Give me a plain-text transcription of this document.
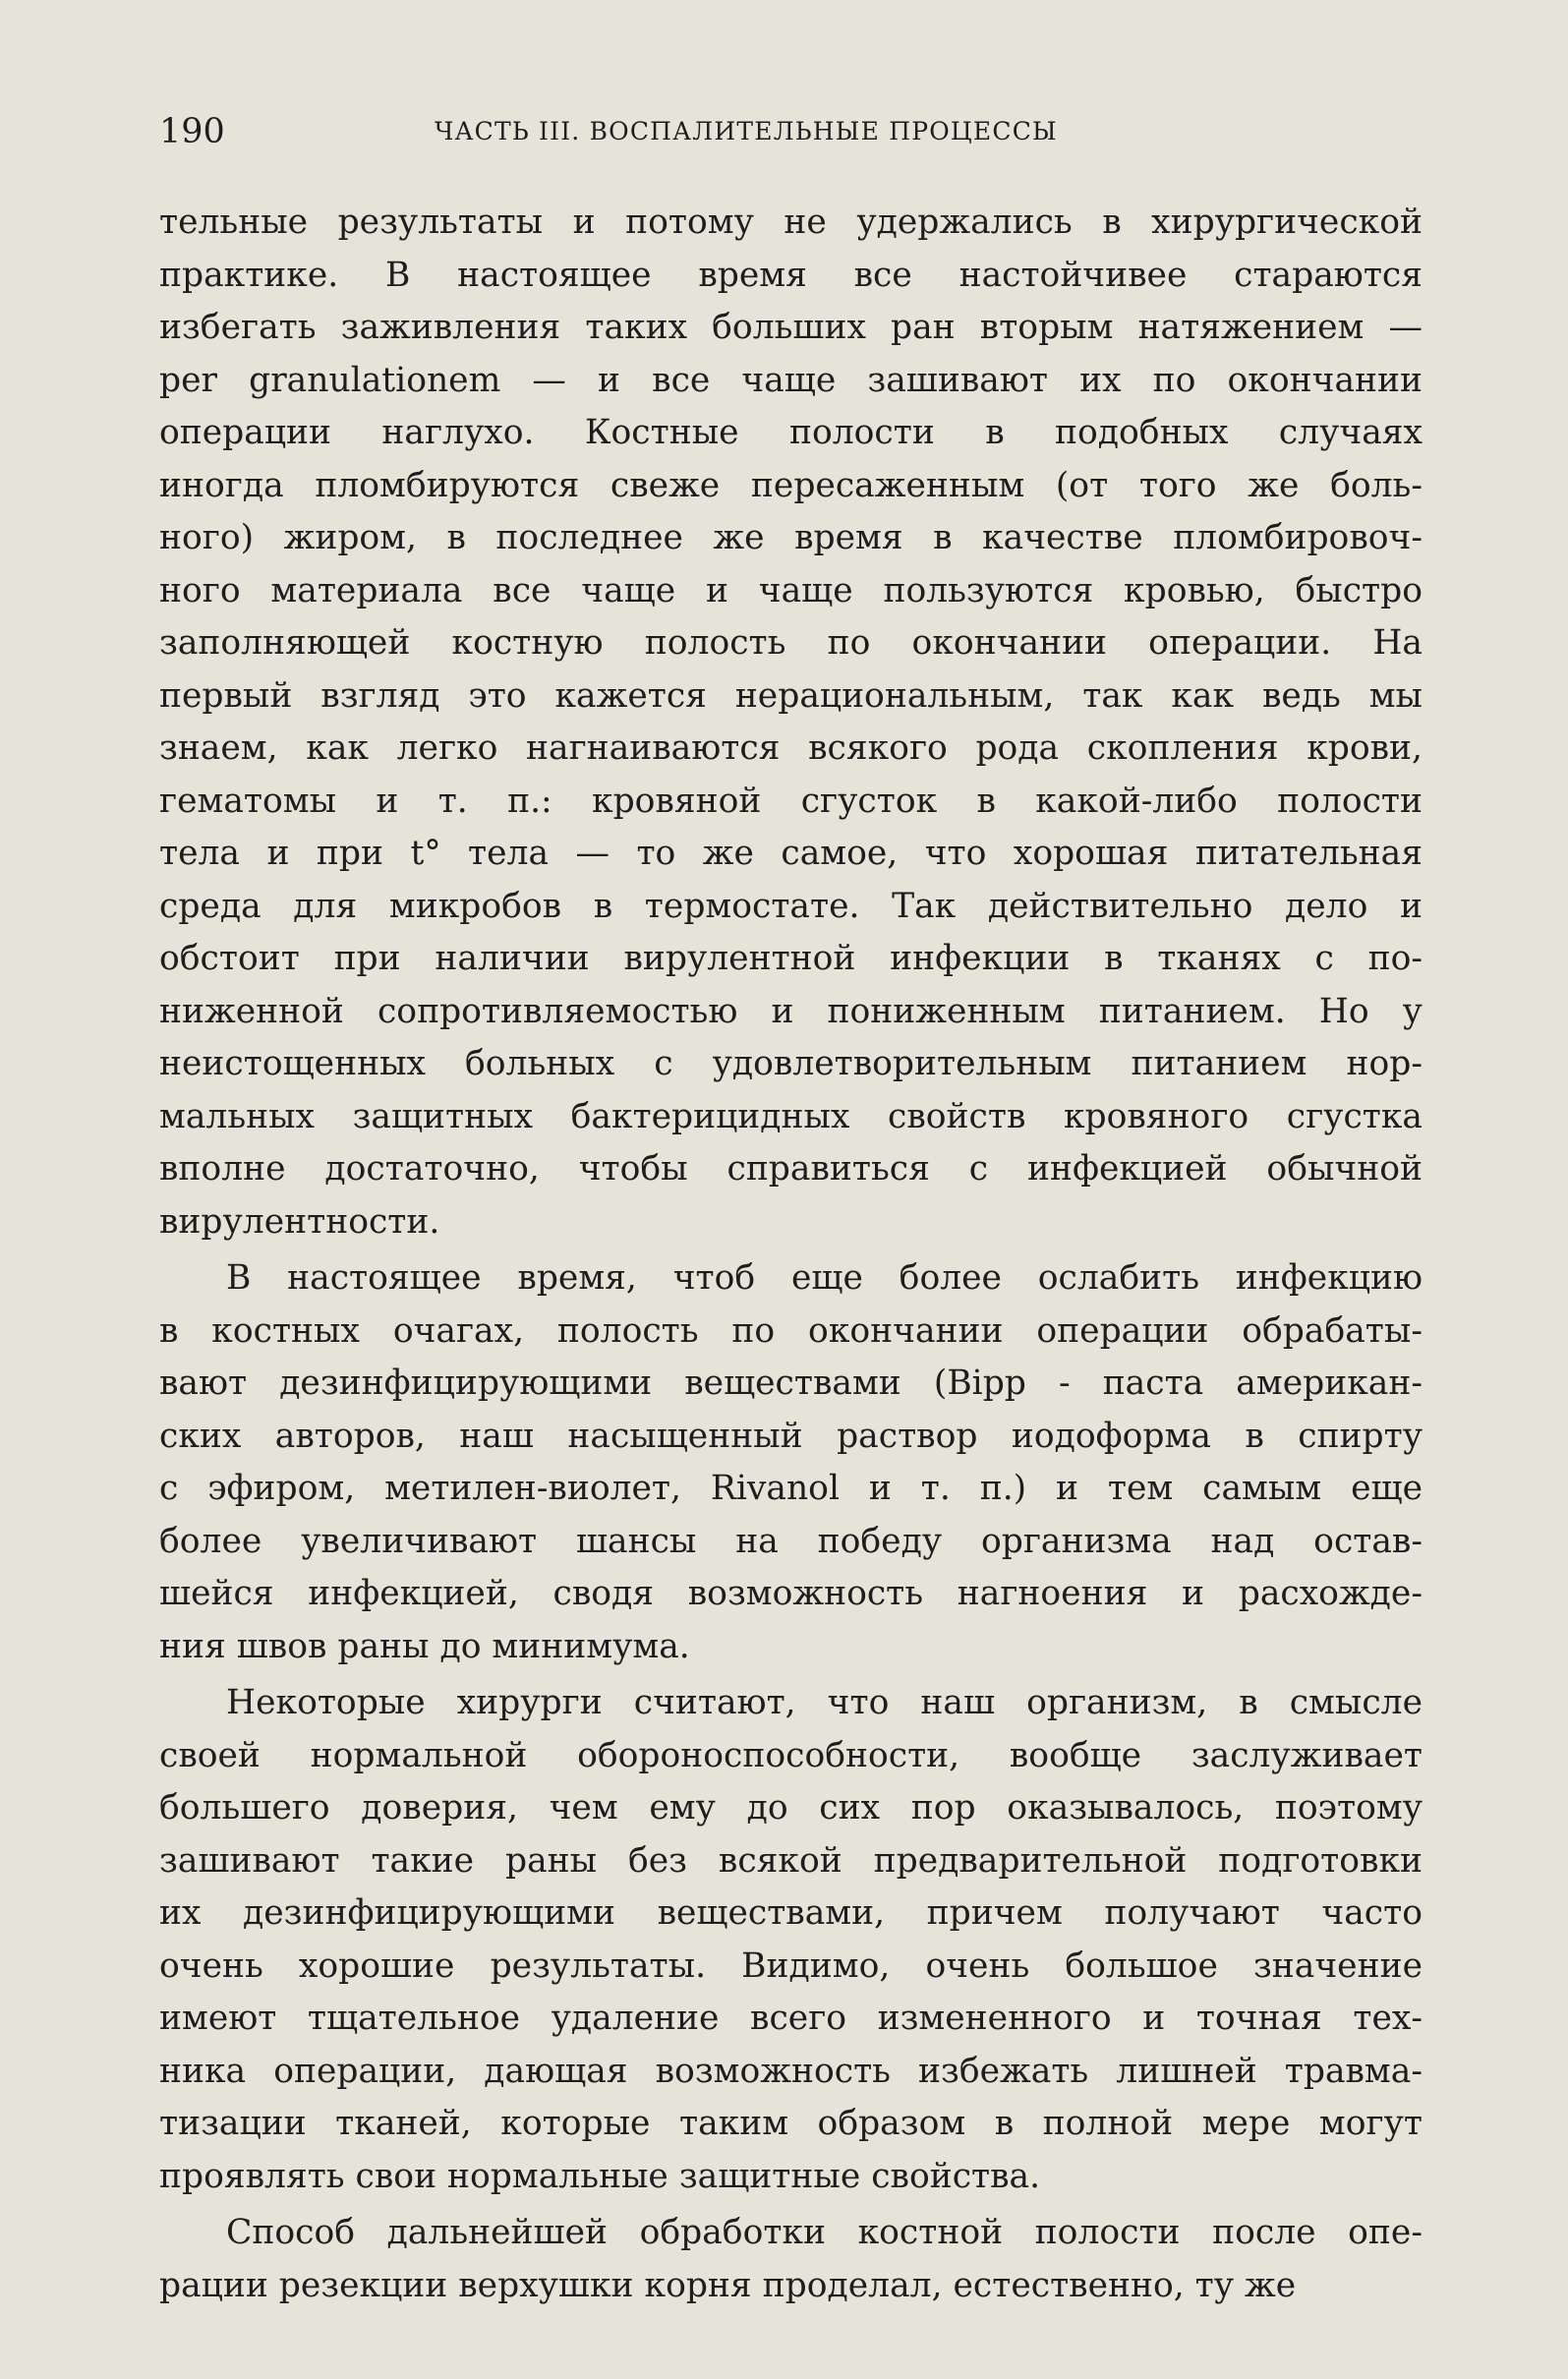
190	ЧАСТЬ III. ВОСПАЛИТЕЛЬНЫЕ ПРОЦЕССЫ
тельные результаты и потому не удержались в хирургической
практике. В настоящее время все настойчивее стараются
избегать заживления таких больших ран вторым натяжением —
per granulationem — и все чаще зашивают их по окончании
операции наглухо. Костные полости в подобных случаях
иногда пломбируются свеже пересаженным (от того же боль-
ного) жиром, в последнее же время в качестве пломбировоч-
ного материала все чаще и чаще пользуются кровью, быстро
заполняющей костную полость по окончании операции. На
первый взгляд это кажется нерациональным, так как ведь мы
знаем, как легко нагнаиваются всякого рода скопления крови,
гематомы и т. п.: кровяной сгусток в какой-либо полости
тела и при t° тела — то же самое, что хорошая питательная
среда для микробов в термостате. Так действительно дело и
обстоит при наличии вирулентной инфекции в тканях с по-
ниженной сопротивляемостью и пониженным питанием. Но у
неистощенных больных с удовлетворительным питанием нор-
мальных защитных бактерицидных свойств кровяного сгустка
вполне достаточно, чтобы справиться с инфекцией обычной
вирулентности.
В настоящее время, чтоб еще более ослабить инфекцию
в костных очагах, полость по окончании операции обрабаты-
вают дезинфицирующими веществами (Bipp - паста американ-
ских авторов, наш насыщенный раствор иодоформа в спирту
с эфиром, метилен-виолет, Rivanol и т. п.) и тем самым еще
более увеличивают шансы на победу организма над остав-
шейся инфекцией, сводя возможность нагноения и расхожде-
ния швов раны до минимума.
Некоторые хирурги считают, что наш организм, в смысле
своей нормальной обороноспособности, вообще заслуживает
большего доверия, чем ему до сих пор оказывалось, поэтому
зашивают такие раны без всякой предварительной подготовки
их дезинфицирующими веществами, причем получают часто
очень хорошие результаты. Видимо, очень большое значение
имеют тщательное удаление всего измененного и точная тех-
ника операции, дающая возможность избежать лишней травма-
тизации тканей, которые таким образом в полной мере могут
проявлять свои нормальные защитные свойства.
Способ дальнейшей обработки костной полости после опе-
рации резекции верхушки корня проделал, естественно, ту же
